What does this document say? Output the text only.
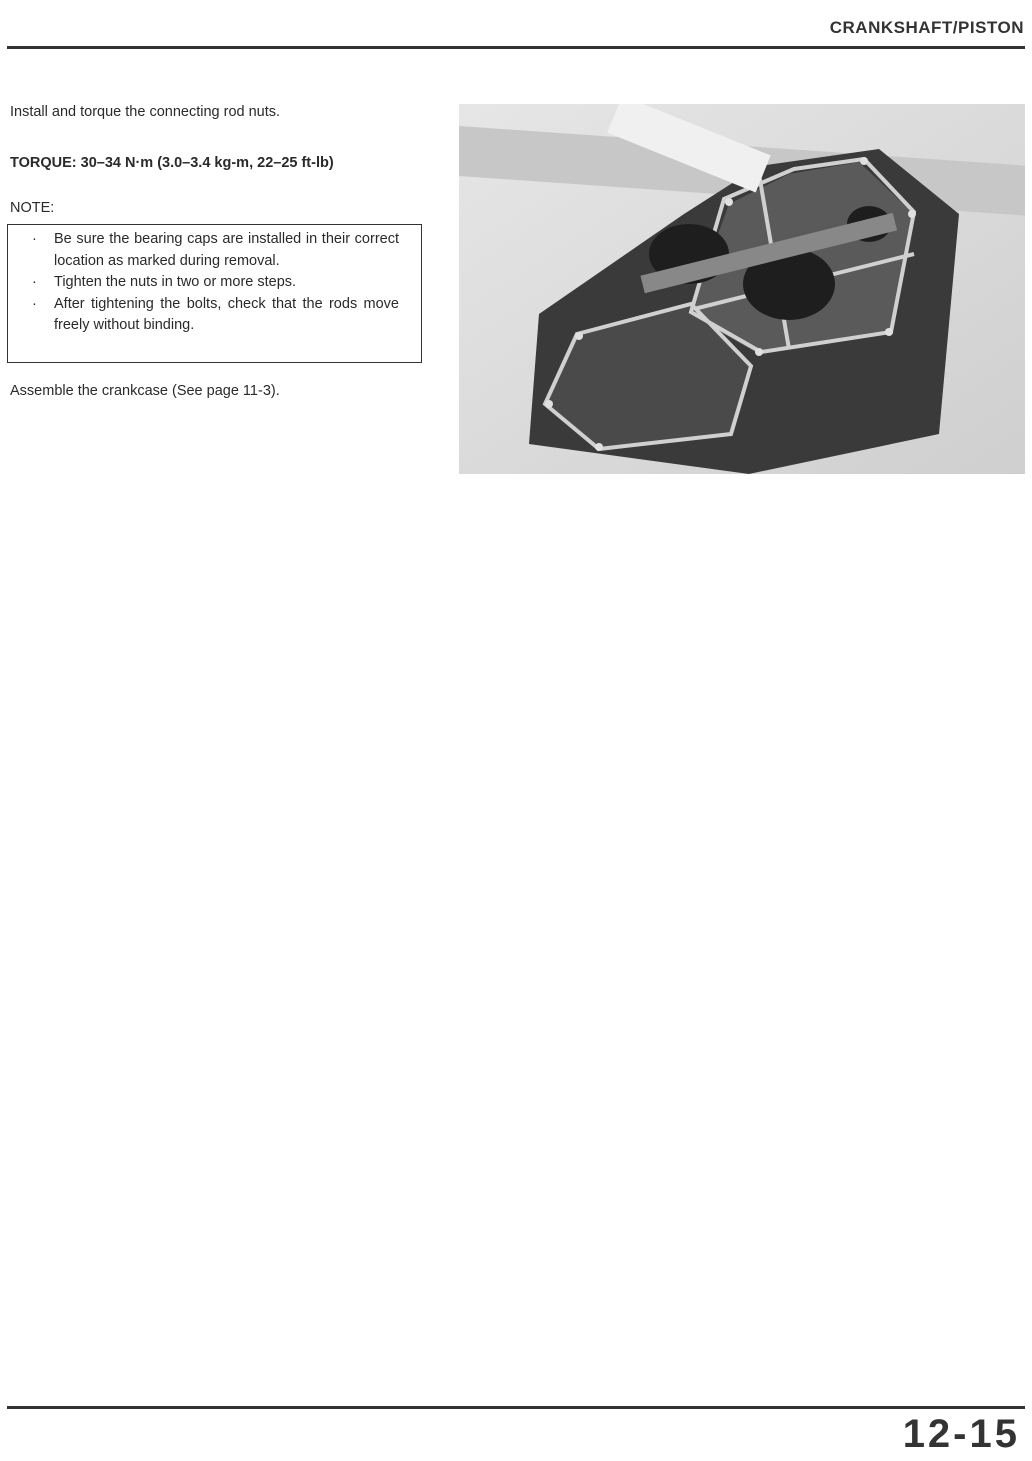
CRANKSHAFT/PISTON
Install and torque the connecting rod nuts.
TORQUE: 30–34 N·m (3.0–3.4 kg-m, 22–25 ft-lb)
NOTE:
· Be sure the bearing caps are installed in their correct location as marked during removal.
· Tighten the nuts in two or more steps.
· After tightening the bolts, check that the rods move freely without binding.
Assemble the crankcase (See page 11-3).
12-15
